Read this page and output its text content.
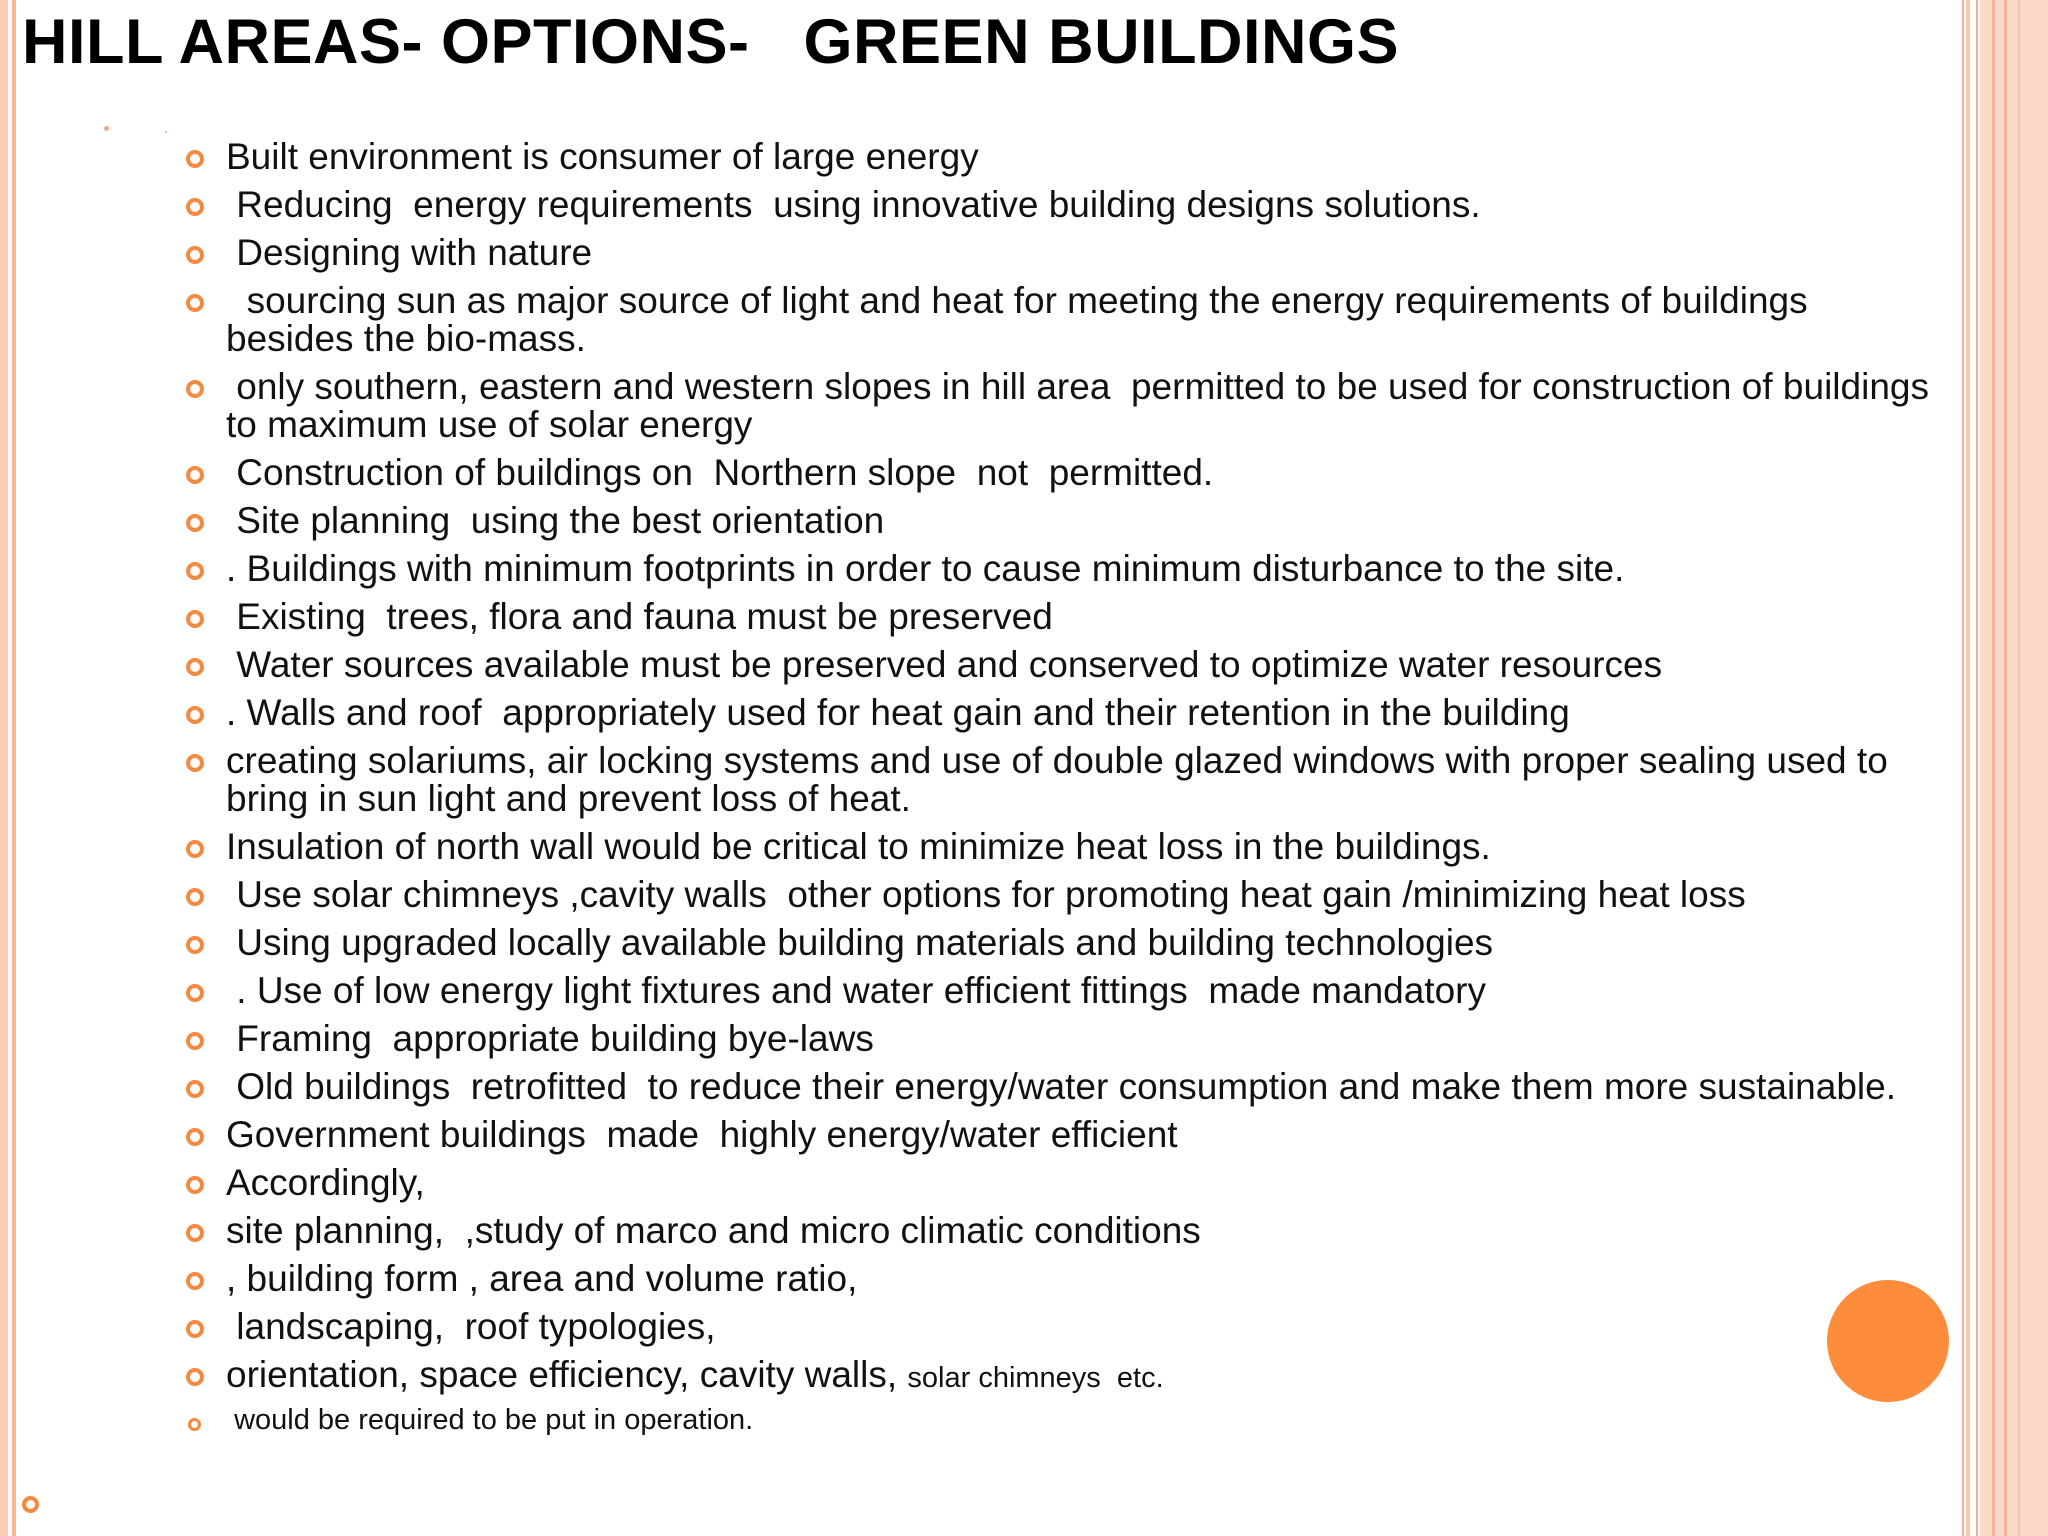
HILL AREAS- OPTIONS-   GREEN BUILDINGS
Built environment is consumer of large energy
Reducing  energy requirements  using innovative building designs solutions.
Designing with nature
sourcing sun as major source of light and heat for meeting the energy requirements of buildings besides the bio-mass.
only southern, eastern and western slopes in hill area  permitted to be used for construction of buildings to maximum use of solar energy
Construction of buildings on  Northern slope  not  permitted.
Site planning  using the best orientation
. Buildings with minimum footprints in order to cause minimum disturbance to the site.
Existing  trees, flora and fauna must be preserved
Water sources available must be preserved and conserved to optimize water resources
. Walls and roof  appropriately used for heat gain and their retention in the building
creating solariums, air locking systems and use of double glazed windows with proper sealing used to bring in sun light and prevent loss of heat.
Insulation of north wall would be critical to minimize heat loss in the buildings.
Use solar chimneys ,cavity walls  other options for promoting heat gain /minimizing heat loss
Using upgraded locally available building materials and building technologies
. Use of low energy light fixtures and water efficient fittings  made mandatory
Framing  appropriate building bye-laws
Old buildings  retrofitted  to reduce their energy/water consumption and make them more sustainable.
Government buildings  made  highly energy/water efficient
Accordingly,
site planning,  ,study of marco and micro climatic conditions
, building form , area and volume ratio,
landscaping,  roof typologies,
orientation, space efficiency, cavity walls, solar chimneys  etc.
would be required to be put in operation.
